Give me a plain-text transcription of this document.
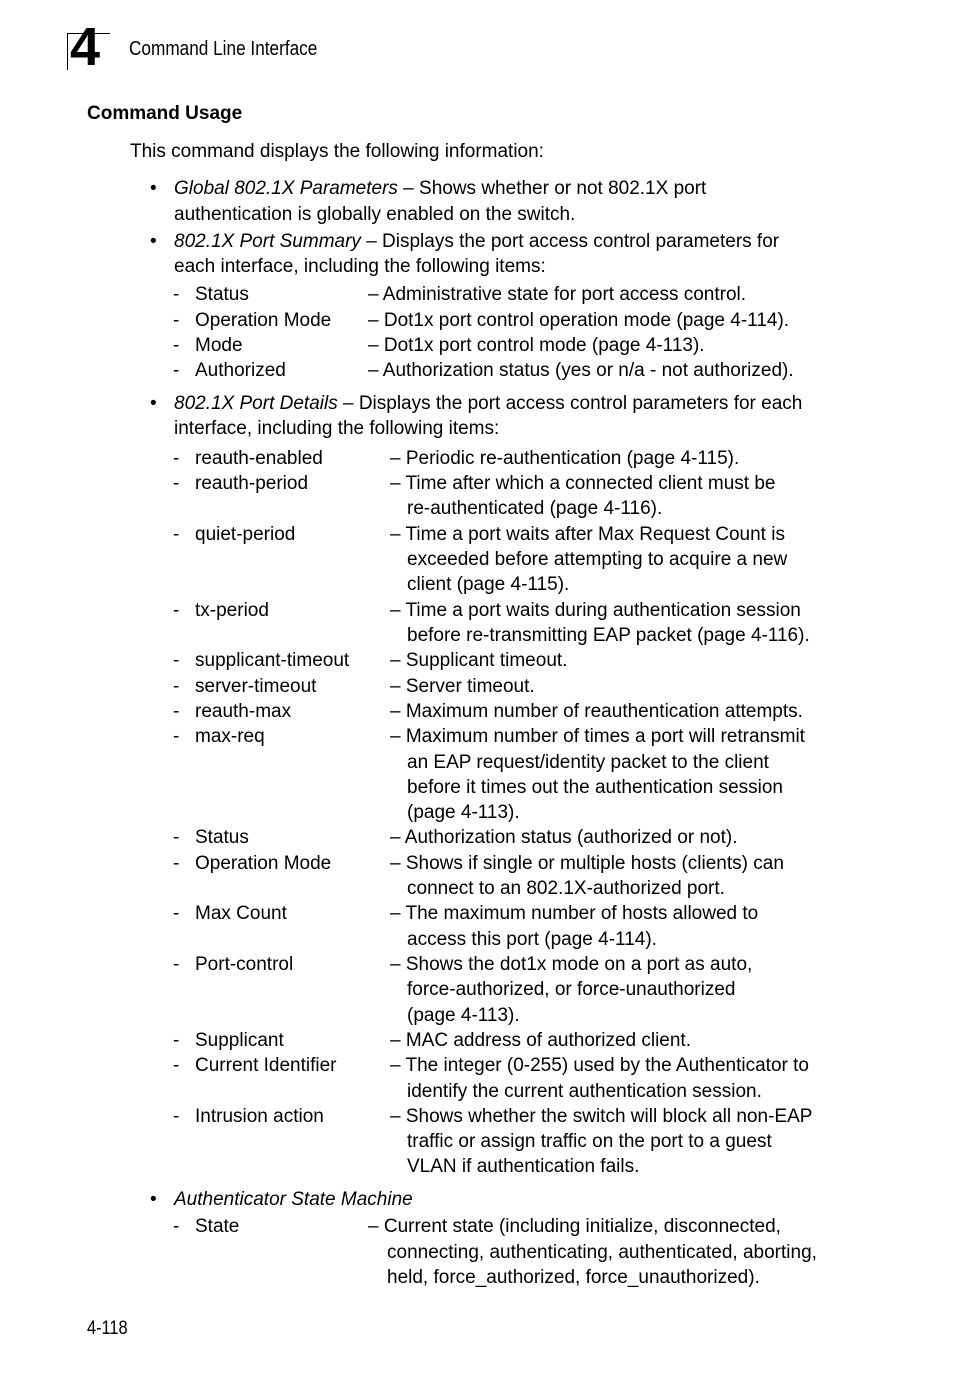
4 Command Line Interface
Command Usage
This command displays the following information:
• Global 802.1X Parameters – Shows whether or not 802.1X port
authentication is globally enabled on the switch.
• 802.1X Port Summary – Displays the port access control parameters for
each interface, including the following items:
- Status	– Administrative state for port access control.
- Operation Mode – Dot1x port control operation mode (page 4-114).
- Mode	– Dot1x port control mode (page 4-113).
- Authorized	– Authorization status (yes or n/a - not authorized).
• 802.1X Port Details – Displays the port access control parameters for each
interface, including the following items:
- reauth-enabled	– Periodic re-authentication (page 4-115).
- reauth-period	– Time after which a connected client must be
re-authenticated (page 4-116).
- quiet-period	– Time a port waits after Max Request Count is
exceeded before attempting to acquire a new
client (page 4-115).
- tx-period	– Time a port waits during authentication session
before re-transmitting EAP packet (page 4-116).
- supplicant-timeout – Supplicant timeout.
- server-timeout	– Server timeout.
- reauth-max	– Maximum number of reauthentication attempts.
- max-req	– Maximum number of times a port will retransmit
an EAP request/identity packet to the client
before it times out the authentication session
(page 4-113).
- Status	– Authorization status (authorized or not).
- Operation Mode	– Shows if single or multiple hosts (clients) can
connect to an 802.1X-authorized port.
- Max Count	– The maximum number of hosts allowed to
access this port (page 4-114).
- Port-control	– Shows the dot1x mode on a port as auto,
force-authorized, or force-unauthorized
(page 4-113).
- Supplicant	– MAC address of authorized client.
- Current Identifier	– The integer (0-255) used by the Authenticator to
identify the current authentication session.
- Intrusion action	– Shows whether the switch will block all non-EAP
traffic or assign traffic on the port to a guest
VLAN if authentication fails.
• Authenticator State Machine
- State	– Current state (including initialize, disconnected,
connecting, authenticating, authenticated, aborting,
held, force_authorized, force_unauthorized).
4-118
